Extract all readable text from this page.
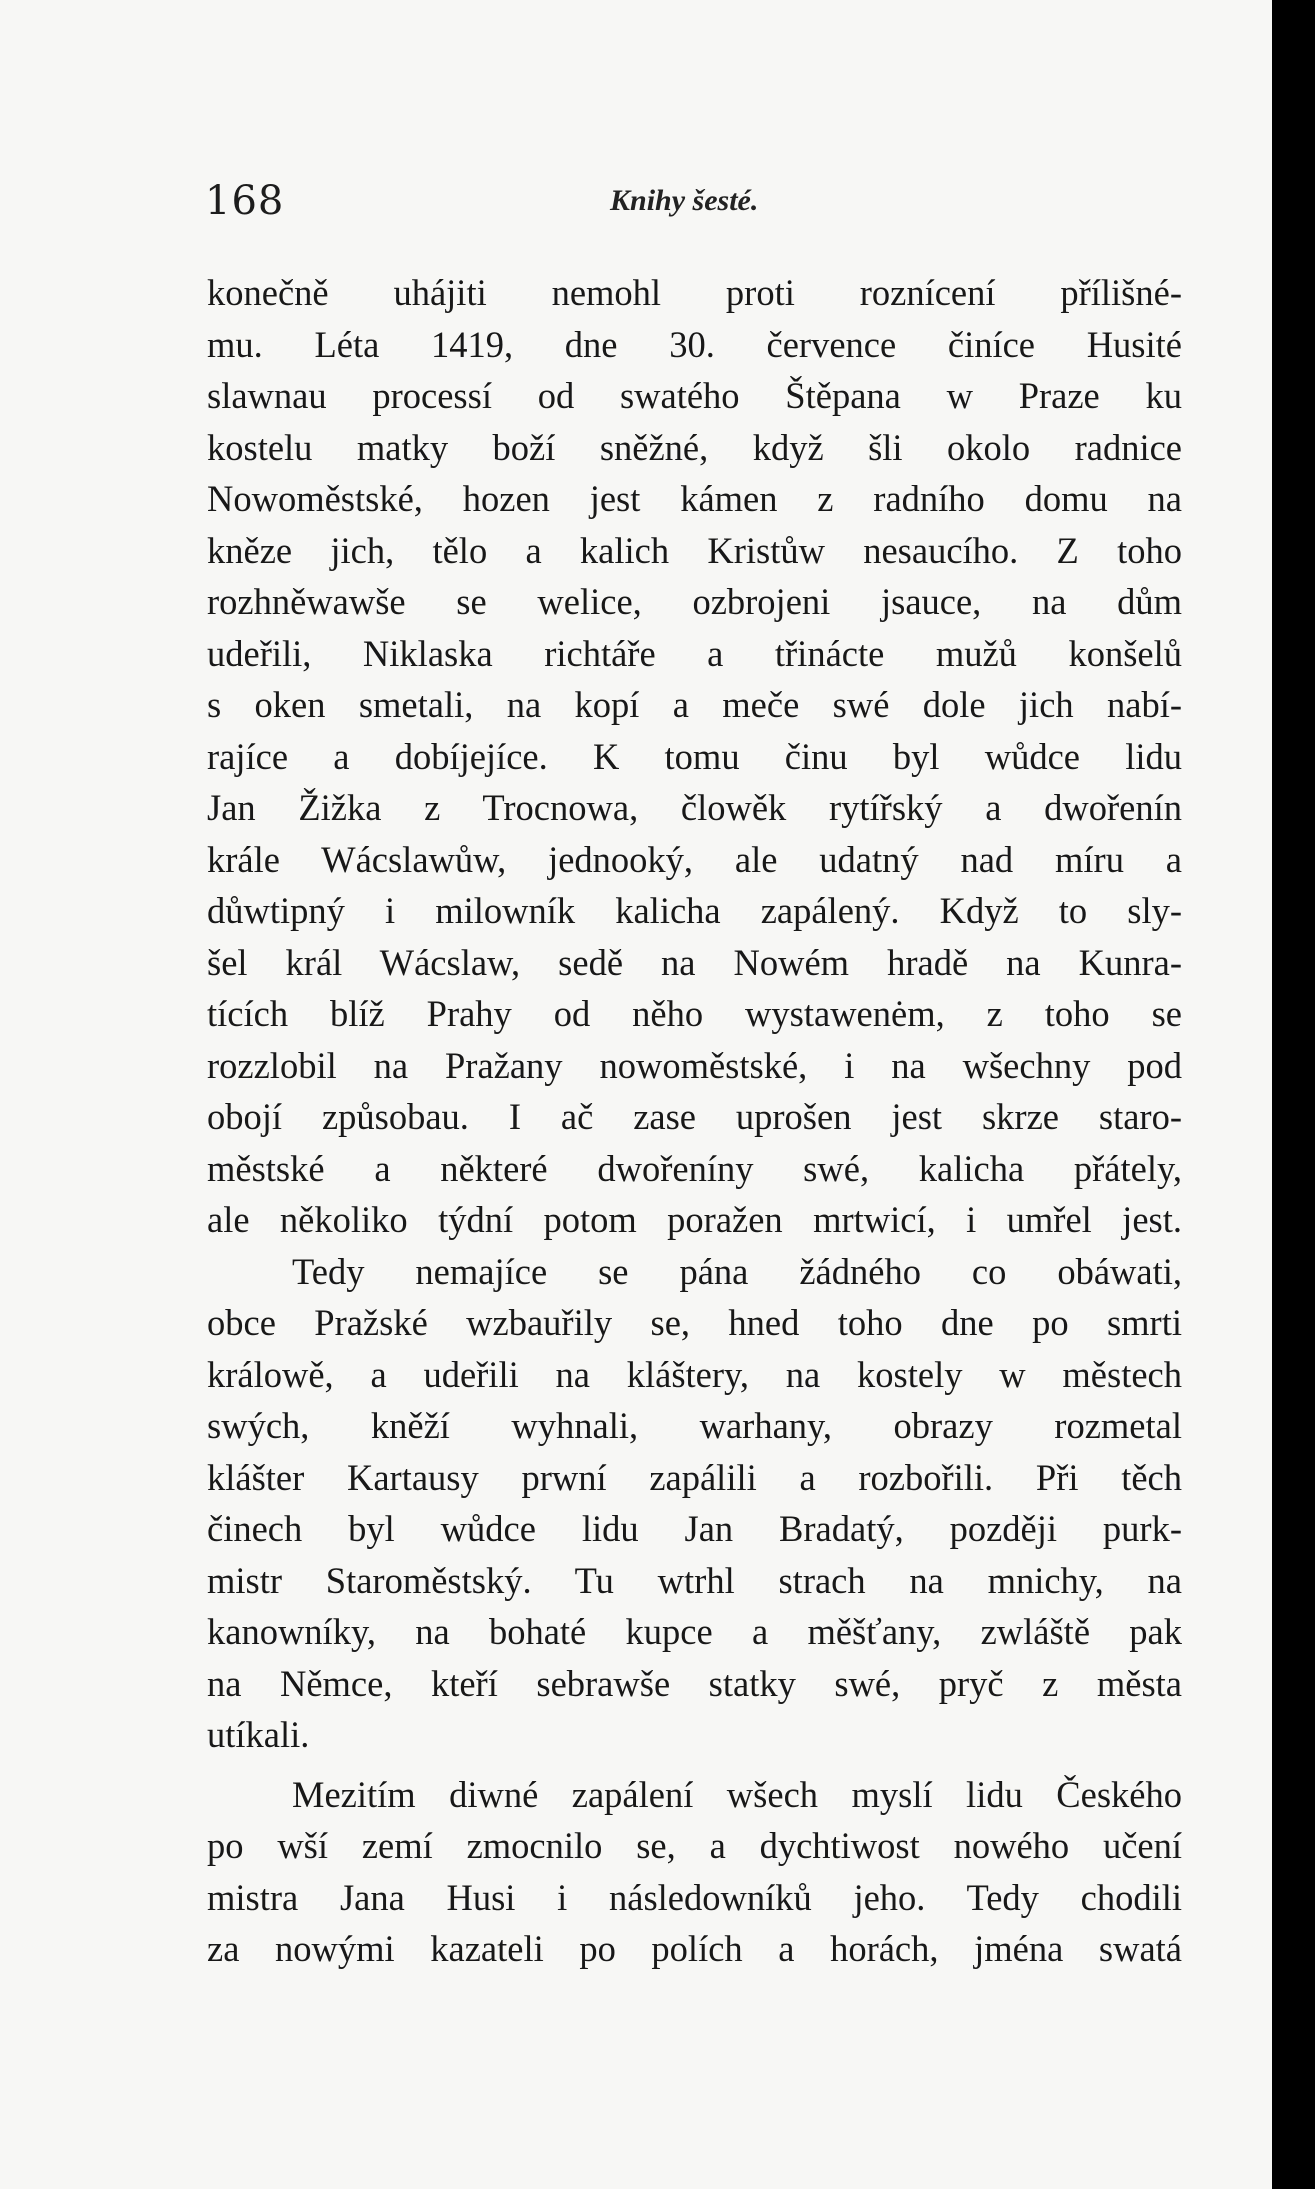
168	Knihy šesté.
konečně uhájiti nemohl proti roznícení přílišné-
mu. Léta 1419, dne 30. července činíce Husité
slawnau processí od swatého Štěpana w Praze ku
kostelu matky boží sněžné, když šli okolo radnice
Nowoměstské, hozen jest kámen z radního domu na
kněze jich, tělo a kalich Kristůw nesaucího. Z toho
rozhněwawše se welice, ozbrojeni jsauce, na dům
udeřili, Niklaska richtáře a třinácte mužů konšelů
s oken smetali, na kopí a meče swé dole jich nabí-
rajíce a dobíjejíce. K tomu činu byl wůdce lidu
Jan Žižka z Trocnowa, člowěk rytířský a dwořenín
krále Wácslawůw, jednooký, ale udatný nad míru a
důwtipný i milowník kalicha zapálený. Když to sly-
šel král Wácslaw, sedě na Nowém hradě na Kunra-
tících blíž Prahy od něho wystawenėm, z toho se
rozzlobil na Pražany nowoměstské, i na wšechny pod
obojí způsobau. I ač zase uprošen jest skrze staro-
městské a některé dwořeníny swé, kalicha přátely,
ale několiko týdní potom poražen mrtwicí, i umřel jest.
Tedy nemajíce se pána žádného co obáwati,
obce Pražské wzbauřily se, hned toho dne po smrti
králowě, a udeřili na kláštery, na kostely w městech
swých, kněží wyhnali, warhany, obrazy rozmetal
klášter Kartausy prwní zapálili a rozbořili. Při těch
činech byl wůdce lidu Jan Bradatý, později purk-
mistr Staroměstský. Tu wtrhl strach na mnichy, na
kanowníky, na bohaté kupce a měšťany, zwláště pak
na Němce, kteří sebrawše statky swé, pryč z města
utíkali.
Mezitím diwné zapálení wšech myslí lidu Českého
po wší zemí zmocnilo se, a dychtiwost nowého učení
mistra Jana Husi i následowníků jeho. Tedy chodili
za nowými kazateli po polích a horách, jména swatá
